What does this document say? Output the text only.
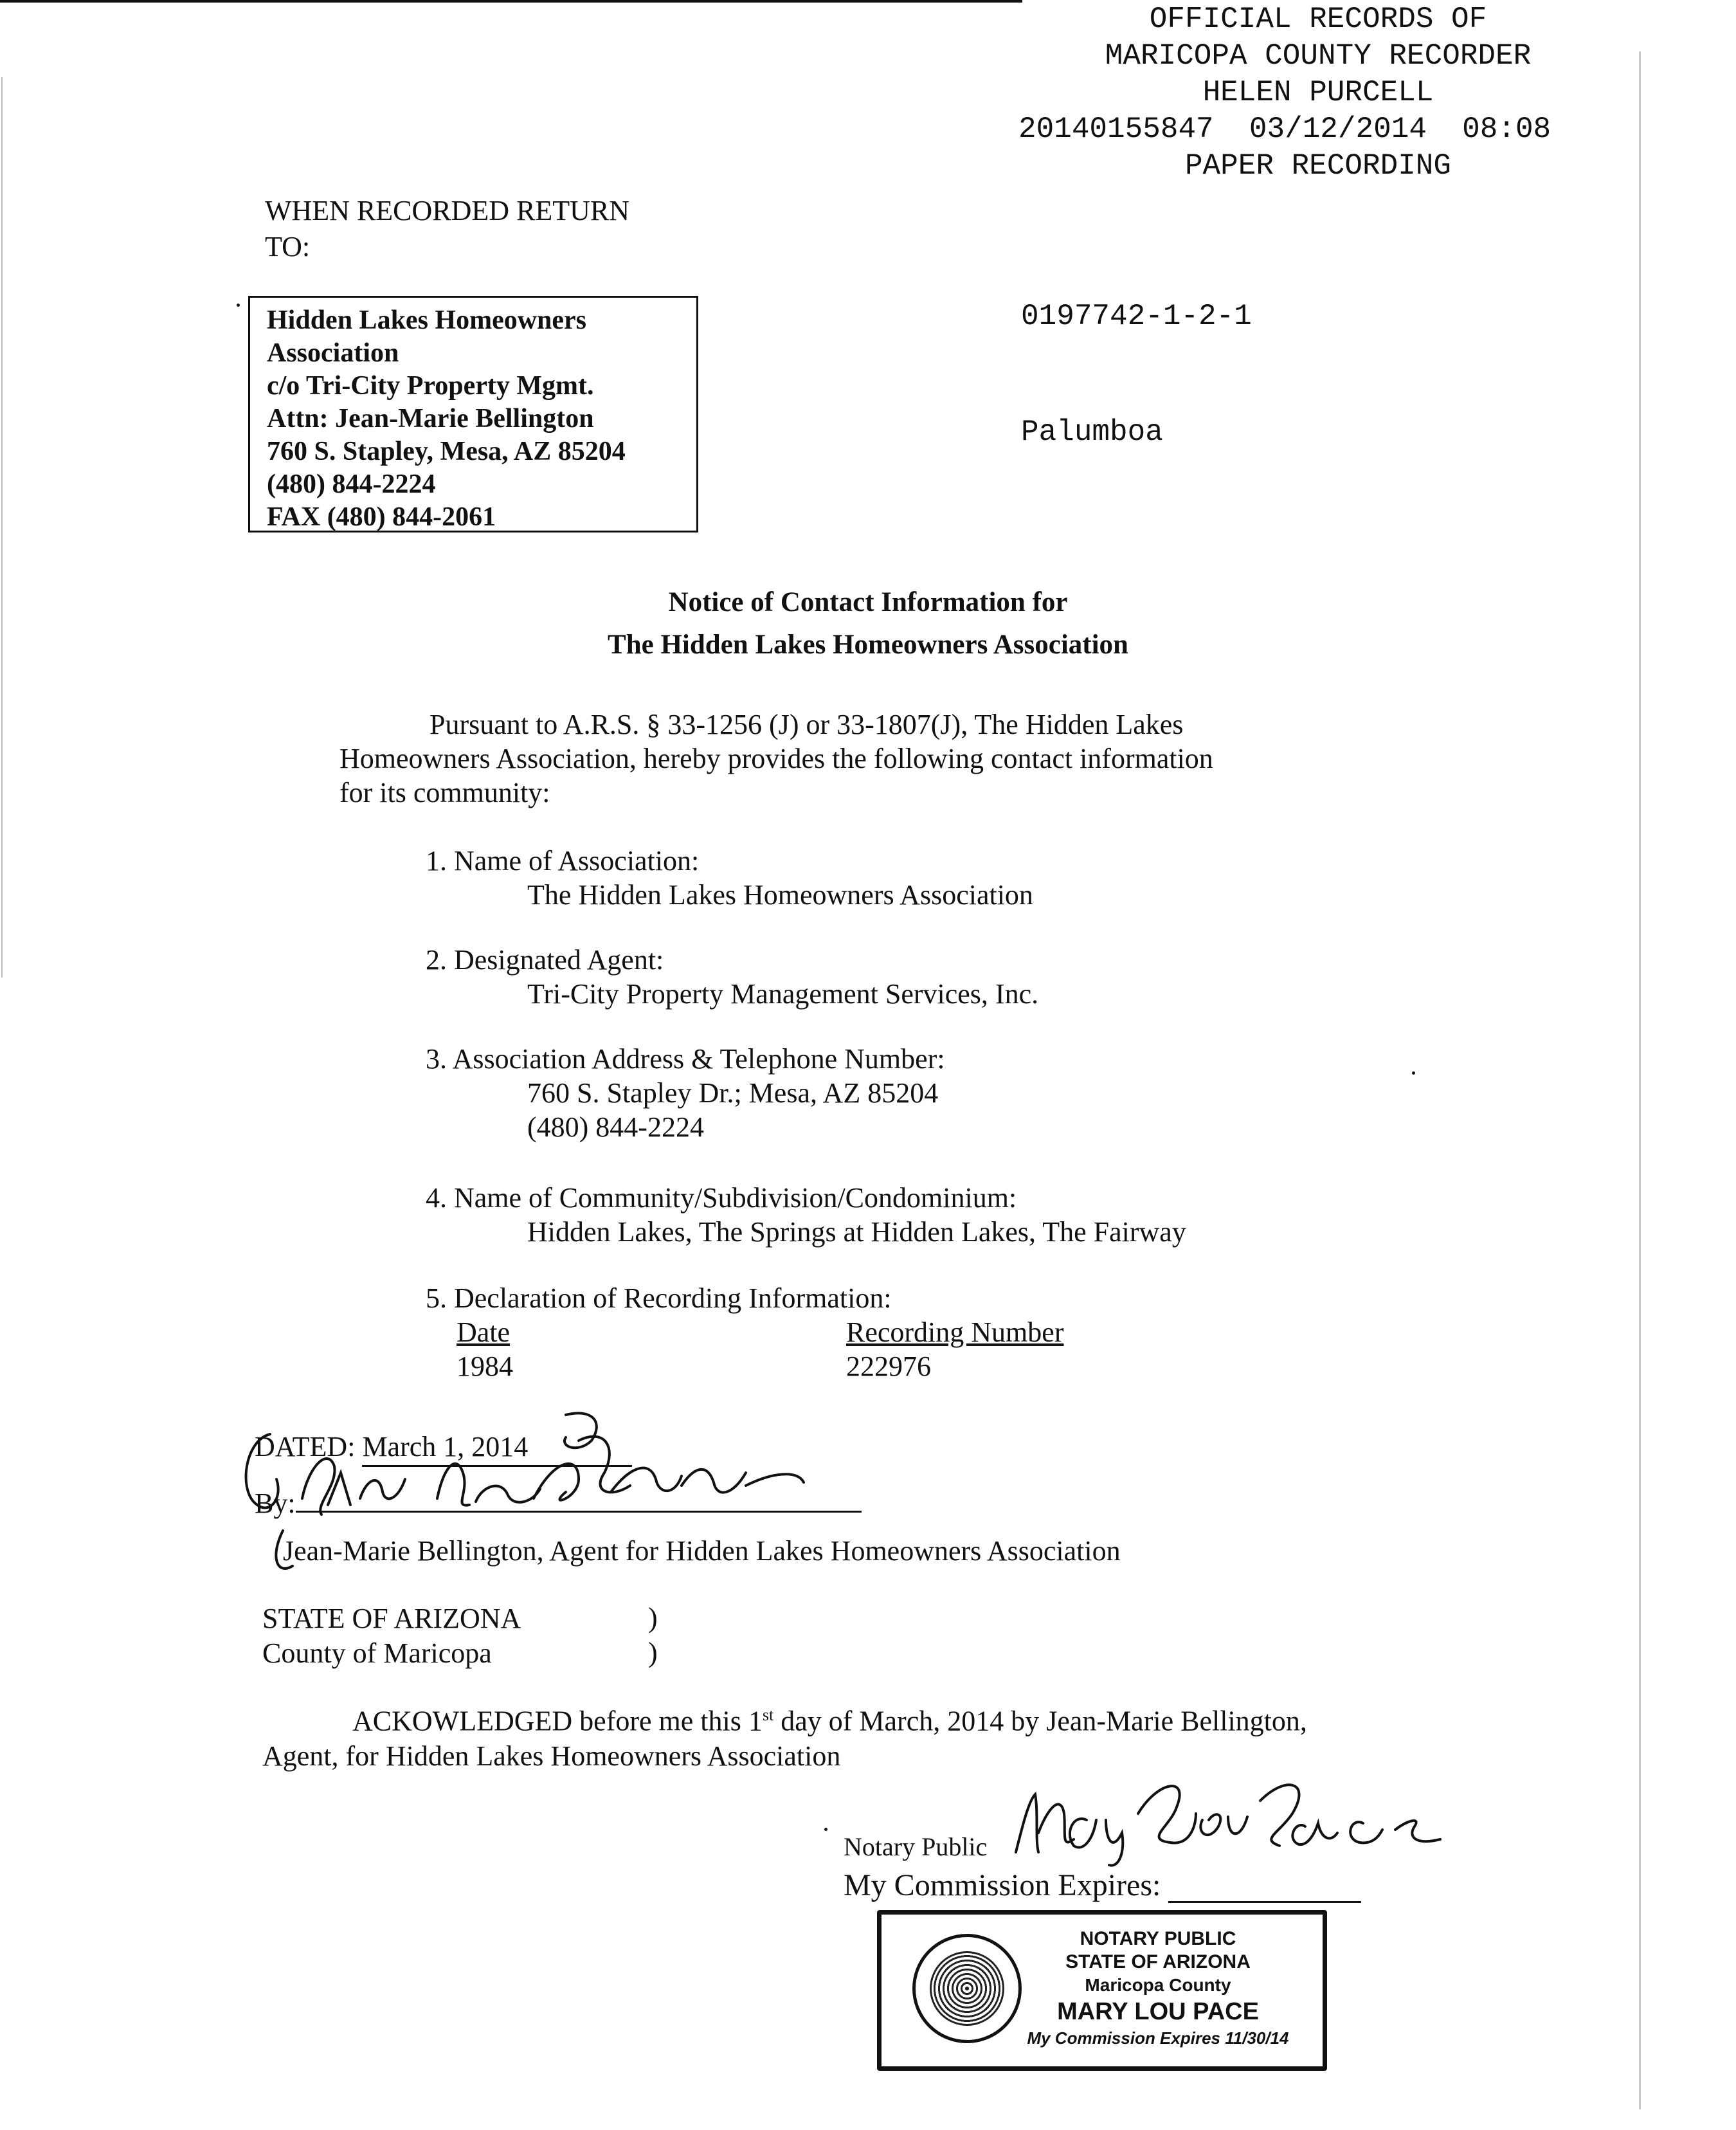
OFFICIAL RECORDS OF
MARICOPA COUNTY RECORDER
HELEN PURCELL
20140155847 03/12/2014 08:08
PAPER RECORDING

0197742-1-2-1

Palumboa

WHEN RECORDED RETURN
TO:
Hidden Lakes Homeowners
Association
c/o Tri-City Property Mgmt.
Attn: Jean-Marie Bellington
760 S. Stapley, Mesa, AZ 85204
(480) 844-2224
FAX (480) 844-2061
Notice of Contact Information for
The Hidden Lakes Homeowners Association
Pursuant to A.R.S. § 33-1256 (J) or 33-1807(J), The Hidden Lakes
Homeowners Association, hereby provides the following contact information
for its community:
1. Name of Association:
The Hidden Lakes Homeowners Association
2. Designated Agent:
Tri-City Property Management Services, Inc.
3. Association Address & Telephone Number:
760 S. Stapley Dr.; Mesa, AZ 85204
(480) 844-2224
4. Name of Community/Subdivision/Condominium:
Hidden Lakes, The Springs at Hidden Lakes, The Fairway
5. Declaration of Recording Information:
Date	Recording Number
1984	222976
DATED: March 1, 2014
By:
Jean Marie Bellington
Jean-Marie Bellington, Agent for Hidden Lakes Homeowners Association
STATE OF ARIZONA
County of Maricopa
)
)
ACKOWLEDGED before me this 1st day of March, 2014 by Jean-Marie Bellington,
Agent, for Hidden Lakes Homeowners Association
Notary Public
Mary Lou Pace
My Commission Expires:
NOTARY PUBLIC
STATE OF ARIZONA
Maricopa County
MARY LOU PACE
My Commission Expires 11/30/14
